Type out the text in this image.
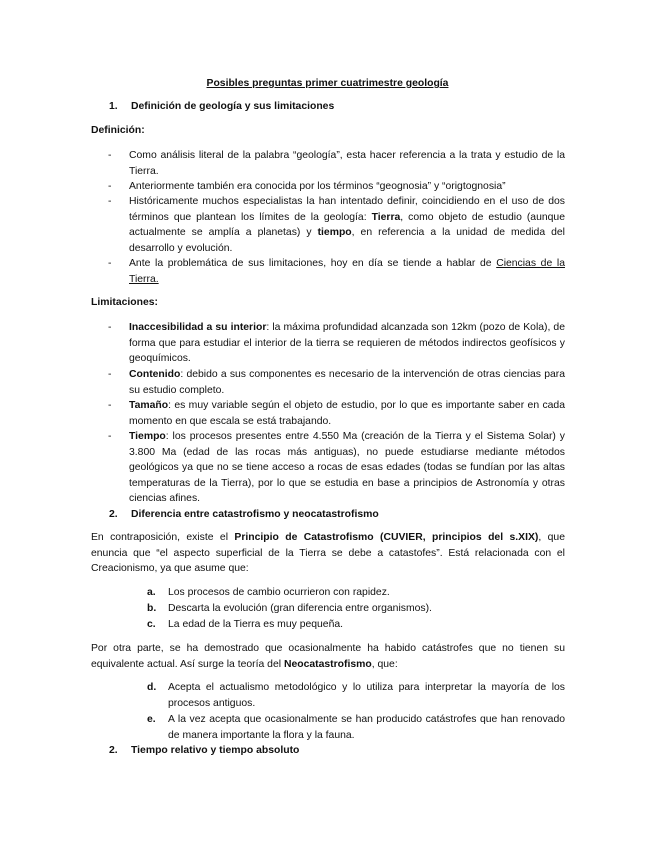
Posibles preguntas primer cuatrimestre geología
1. Definición de geología y sus limitaciones
Definición:
- Como análisis literal de la palabra “geología”, esta hacer referencia a la trata y estudio de la Tierra.
- Anteriormente también era conocida por los términos “geognosia” y “origtognosia”
- Históricamente muchos especialistas la han intentado definir, coincidiendo en el uso de dos términos que plantean los límites de la geología: Tierra, como objeto de estudio (aunque actualmente se amplía a planetas) y tiempo, en referencia a la unidad de medida del desarrollo y evolución.
- Ante la problemática de sus limitaciones, hoy en día se tiende a hablar de Ciencias de la Tierra.
Limitaciones:
- Inaccesibilidad a su interior: la máxima profundidad alcanzada son 12km (pozo de Kola), de forma que para estudiar el interior de la tierra se requieren de métodos indirectos geofísicos y geoquímicos.
- Contenido: debido a sus componentes es necesario de la intervención de otras ciencias para su estudio completo.
- Tamaño: es muy variable según el objeto de estudio, por lo que es importante saber en cada momento en que escala se está trabajando.
- Tiempo: los procesos presentes entre 4.550 Ma (creación de la Tierra y el Sistema Solar) y 3.800 Ma (edad de las rocas más antiguas), no puede estudiarse mediante métodos geológicos ya que no se tiene acceso a rocas de esas edades (todas se fundían por las altas temperaturas de la Tierra), por lo que se estudia en base a principios de Astronomía y otras ciencias afines.
2. Diferencia entre catastrofismo y neocatastrofismo
En contraposición, existe el Principio de Catastrofismo (CUVIER, principios del s.XIX), que enuncia que “el aspecto superficial de la Tierra se debe a catastofes”. Está relacionada con el Creacionismo, ya que asume que:
a. Los procesos de cambio ocurrieron con rapidez.
b. Descarta la evolución (gran diferencia entre organismos).
c. La edad de la Tierra es muy pequeña.
Por otra parte, se ha demostrado que ocasionalmente ha habido catástrofes que no tienen su equivalente actual. Así surge la teoría del Neocatastrofismo, que:
d. Acepta el actualismo metodológico y lo utiliza para interpretar la mayoría de los procesos antiguos.
e. A la vez acepta que ocasionalmente se han producido catástrofes que han renovado de manera importante la flora y la fauna.
2. Tiempo relativo y tiempo absoluto
